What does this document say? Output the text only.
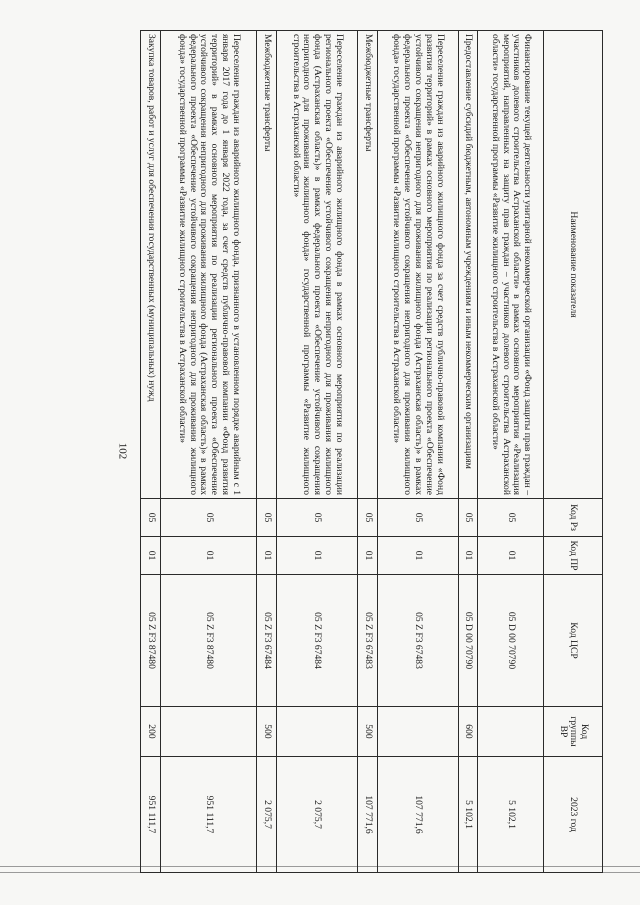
102
Наименование показателя	Код Рз	Код ПР	Код ЦСР	Код группы ВР	2023 год
Финансирование текущей деятельности унитарной некоммерческой организации «Фонд защиты прав граждан – участников долевого строительства Астраханской области» в рамках основного мероприятия «Реализация мероприятий, направленных на защиту прав граждан – участников долевого строительства Астраханской области» государственной программы «Развитие жилищного строительства в Астраханской области»	05	01	05 D 00 70790		5 102,1
Предоставление субсидий бюджетным, автономным учреждениям и иным некоммерческим организациям	05	01	05 D 00 70790	600	5 102,1
Переселение граждан из аварийного жилищного фонда за счет средств публично-правовой компании «Фонд развития территорий» в рамках основного мероприятия по реализации регионального проекта «Обеспечение устойчивого сокращения непригодного для проживания жилищного фонда (Астраханская область)» в рамках федерального проекта «Обеспечение устойчивого сокращения непригодного для проживания жилищного фонда» государственной программы «Развитие жилищного строительства в Астраханской области»	05	01	05 Z F3 67483		107 771,6
Межбюджетные трансферты	05	01	05 Z F3 67483	500	107 771,6
Переселение граждан из аварийного жилищного фонда в рамках основного мероприятия по реализации регионального проекта «Обеспечение устойчивого сокращения непригодного для проживания жилищного фонда (Астраханская область)» в рамках федерального проекта «Обеспечение устойчивого сокращения непригодного для проживания жилищного фонда» государственной программы «Развитие жилищного строительства в Астраханской области»	05	01	05 Z F3 67484		2 075,7
Межбюджетные трансферты	05	01	05 Z F3 67484	500	2 075,7
Переселение граждан из аварийного жилищного фонда, признанного в установленном порядке аварийным с 1 января 2017 года до 1 января 2022 года, за счет средств публично-правовой компании «Фонд развития территорий» в рамках основного мероприятия по реализации регионального проекта «Обеспечение устойчивого сокращения непригодного для проживания жилищного фонда (Астраханская область)» в рамках федерального проекта «Обеспечение устойчивого сокращения непригодного для проживания жилищного фонда» государственной программы «Развитие жилищного строительства в Астраханской области»	05	01	05 Z F3 87480		951 111,7
Закупка товаров, работ и услуг для обеспечения государственных (муниципальных) нужд	05	01	05 Z F3 87480	200	951 111,7
